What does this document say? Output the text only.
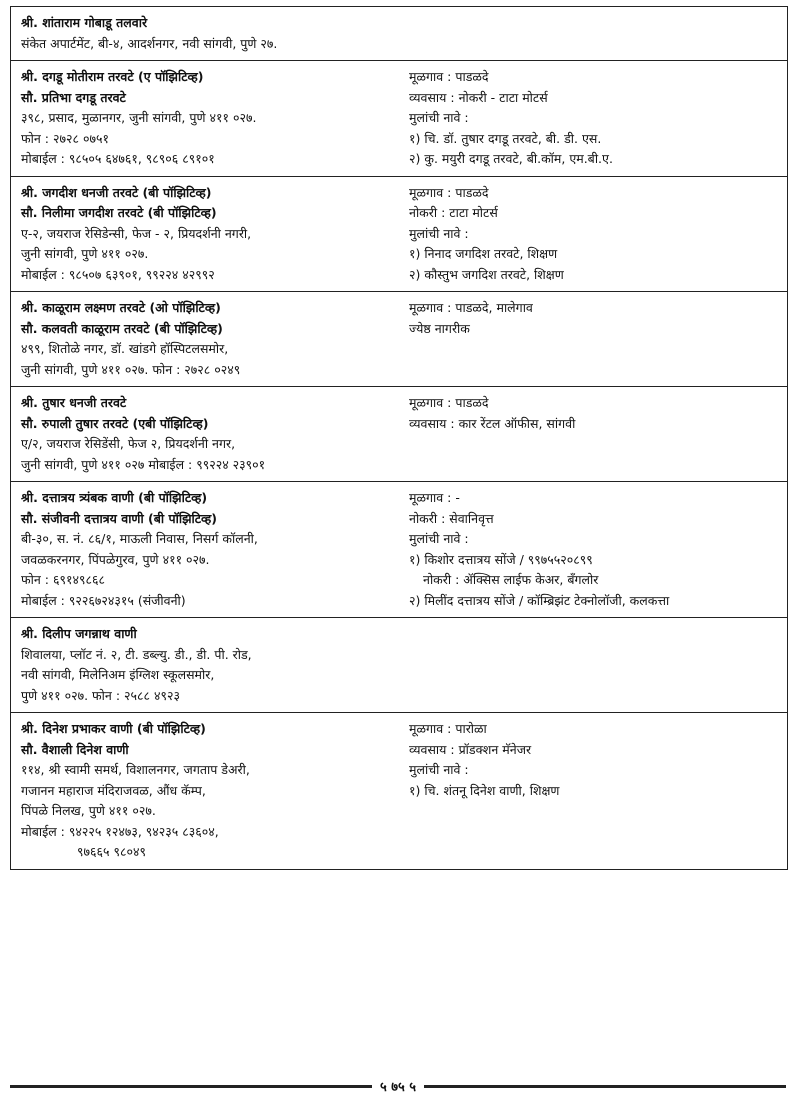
श्री. शांताराम गोबाडू तलवारे
संकेत अपार्टमेंट, बी-४, आदर्शनगर, नवी सांगवी, पुणे २७.
श्री. दगडू मोतीराम तरवटे (ए पॉझिटिव्ह)
सौ. प्रतिभा दगडू तरवटे
३९८, प्रसाद, मुळानगर, जुनी सांगवी, पुणे ४११ ०२७.
फोन : २७२८ ०७५१
मोबाईल : ९८५०५ ६४७६१, ९८९०६ ८९१०१
मूळगाव : पाडळदे
व्यवसाय : नोकरी - टाटा मोटर्स
मुलांची नावे :
१) चि. डॉ. तुषार दगडू तरवटे, बी. डी. एस.
२) कु. मयुरी दगडू तरवटे, बी.कॉम, एम.बी.ए.
श्री. जगदीश धनजी तरवटे (बी पॉझिटिव्ह)
सौ. निलीमा जगदीश तरवटे (बी पॉझिटिव्ह)
ए-२, जयराज रेसिडेन्सी, फेज - २, प्रियदर्शनी नगरी,
जुनी सांगवी, पुणे ४११ ०२७.
मोबाईल : ९८५०७ ६३९०१, ९९२२४ ४२९९२
मूळगाव : पाडळदे
नोकरी : टाटा मोटर्स
मुलांची नावे :
१) निनाद जगदिश तरवटे, शिक्षण
२) कौस्तुभ जगदिश तरवटे, शिक्षण
श्री. काळूराम लक्ष्मण तरवटे (ओ पॉझिटिव्ह)
सौ. कलवती काळूराम तरवटे (बी पॉझिटिव्ह)
४९९, शितोळे नगर, डॉ. खांडगे हॉस्पिटलसमोर,
जुनी सांगवी, पुणे ४११ ०२७. फोन : २७२८ ०२४९
मूळगाव : पाडळदे, मालेगाव
ज्येष्ठ नागरीक
श्री. तुषार धनजी तरवटे
सौ. रुपाली तुषार तरवटे (एबी पॉझिटिव्ह)
ए/२, जयराज रेसिडेंसी, फेज २, प्रियदर्शनी नगर,
जुनी सांगवी, पुणे ४११ ०२७ मोबाईल : ९९२२४ २३९०१
मूळगाव : पाडळदे
व्यवसाय : कार रेंटल ऑफीस, सांगवी
श्री. दत्तात्रय त्र्यंबक वाणी (बी पॉझिटिव्ह)
सौ. संजीवनी दत्तात्रय वाणी (बी पॉझिटिव्ह)
बी-३०, स. नं. ८६/१, माऊली निवास, निसर्ग कॉलनी,
जवळकरनगर, पिंपळेगुरव, पुणे ४११ ०२७.
फोन : ६९१४९८६८
मोबाईल : ९२२६७२४३१५ (संजीवनी)
मूळगाव : -
नोकरी : सेवानिवृत्त
मुलांची नावे :
१) किशोर दत्तात्रय सोंजे / ९९७५५२०८९९
नोकरी : ॲक्सिस लाईफ केअर, बँगलोर
२) मिलींद दत्तात्रय सोंजे / कॉम्ब्रिझंट टेक्नोलॉजी, कलकत्ता
श्री. दिलीप जगन्नाथ वाणी
शिवालया, प्लॉट नं. २, टी. डब्ल्यु. डी., डी. पी. रोड,
नवी सांगवी, मिलेनिअम इंग्लिश स्कूलसमोर,
पुणे ४११ ०२७. फोन : २५८८ ४९२३
श्री. दिनेश प्रभाकर वाणी (बी पॉझिटिव्ह)
सौ. वैशाली दिनेश वाणी
११४, श्री स्वामी समर्थ, विशालनगर, जगताप डेअरी,
गजानन महाराज मंदिराजवळ, औंध कॅम्प,
पिंपळे निलख, पुणे ४११ ०२७.
मोबाईल : ९४२२५ १२४७३, ९४२३५ ८३६०४,
९७६६५ ९८०४९
मूळगाव : पारोळा
व्यवसाय : प्रॉडक्शन मॅनेजर
मुलांची नावे :
१) चि. शंतनू दिनेश वाणी, शिक्षण
५ ७५ ५
